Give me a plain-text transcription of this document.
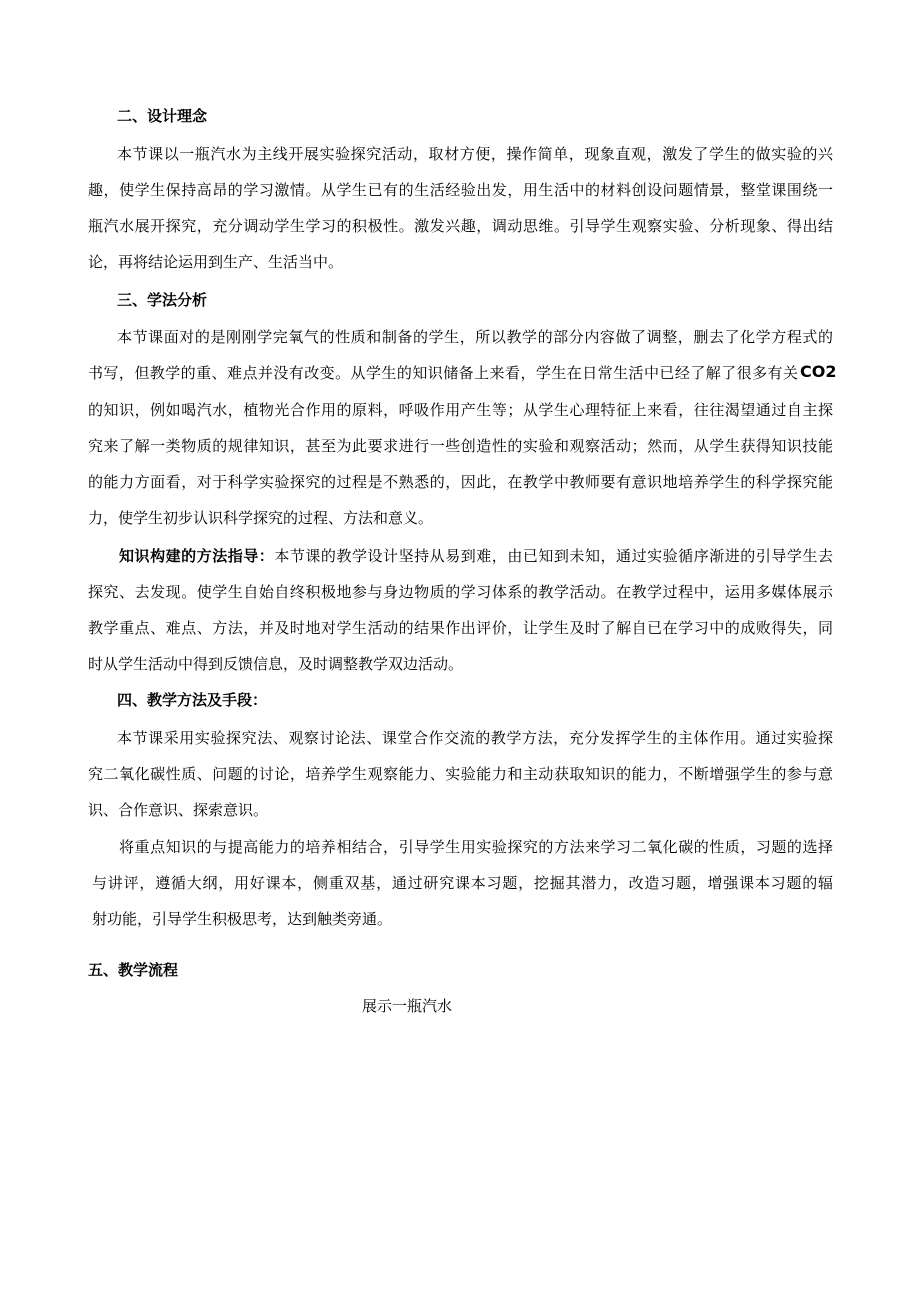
二、设计理念
本节课以一瓶汽水为主线开展实验探究活动，取材方便，操作简单，现象直观，激发了学生的做实验的兴
趣，使学生保持高昂的学习激情。从学生已有的生活经验出发，用生活中的材料创设问题情景，整堂课围绕一
瓶汽水展开探究，充分调动学生学习的积极性。激发兴趣，调动思维。引导学生观察实验、分析现象、得出结
论，再将结论运用到生产、生活当中。
三、学法分析
本节课面对的是刚刚学完氧气的性质和制备的学生，所以教学的部分内容做了调整，删去了化学方程式的
书写，但教学的重、难点并没有改变。从学生的知识储备上来看，学生在日常生活中已经了解了很多有关 CO2
的知识，例如喝汽水，植物光合作用的原料，呼吸作用产生等；从学生心理特征上来看，往往渴望通过自主探
究来了解一类物质的规律知识，甚至为此要求进行一些创造性的实验和观察活动；然而，从学生获得知识技能
的能力方面看，对于科学实验探究的过程是不熟悉的，因此，在教学中教师要有意识地培养学生的科学探究能
力，使学生初步认识科学探究的过程、方法和意义。
知识构建的方法指导：本节课的教学设计坚持从易到难，由已知到未知，通过实验循序渐进的引导学生去
探究、去发现。使学生自始自终积极地参与身边物质的学习体系的教学活动。在教学过程中，运用多媒体展示
教学重点、难点、方法，并及时地对学生活动的结果作出评价，让学生及时了解自已在学习中的成败得失，同
时从学生活动中得到反馈信息，及时调整教学双边活动。
四、教学方法及手段：
本节课采用实验探究法、观察讨论法、课堂合作交流的教学方法，充分发挥学生的主体作用。通过实验探
究二氧化碳性质、问题的讨论，培养学生观察能力、实验能力和主动获取知识的能力，不断增强学生的参与意
识、合作意识、探索意识。
将重点知识的与提高能力的培养相结合，引导学生用实验探究的方法来学习二氧化碳的性质，习题的选择
与讲评，遵循大纲，用好课本，侧重双基，通过研究课本习题，挖掘其潜力，改造习题，增强课本习题的辐
射功能，引导学生积极思考，达到触类旁通。
五、教学流程
展示一瓶汽水
